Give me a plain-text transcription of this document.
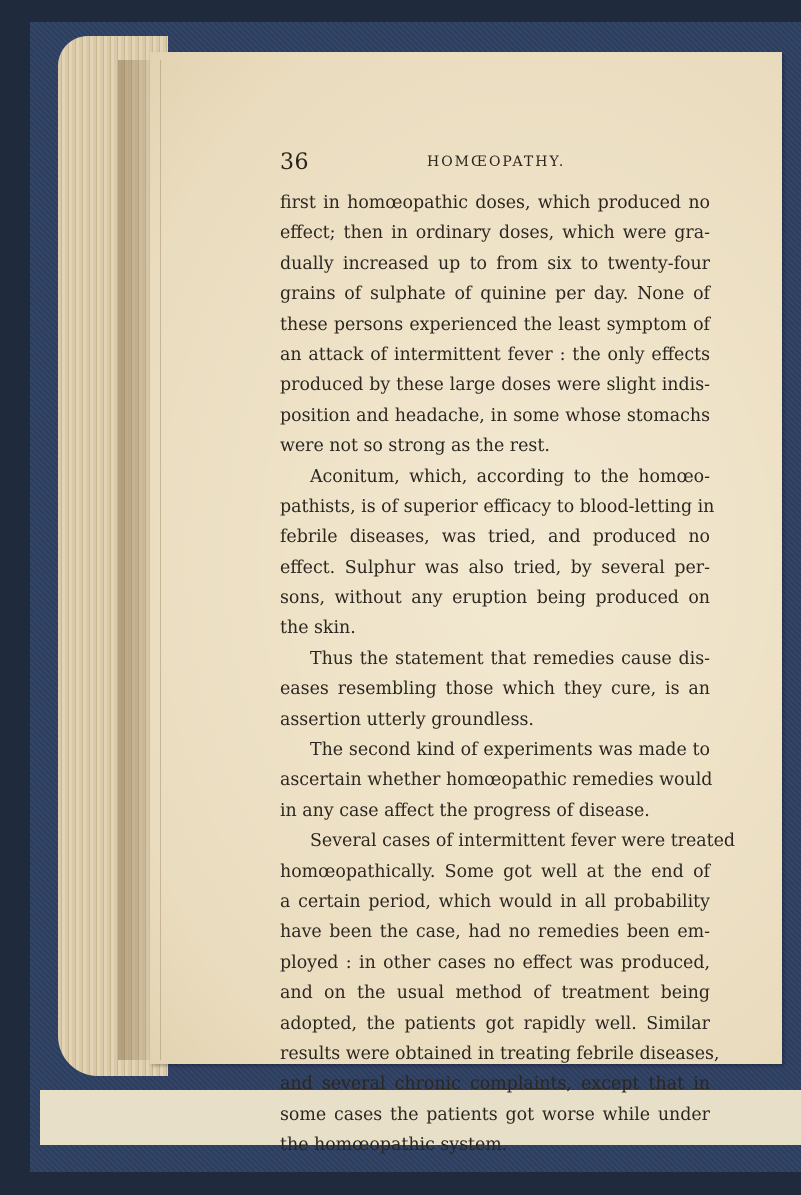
36	HOMŒOPATHY.
first in homœopathic doses, which produced no
effect; then in ordinary doses, which were gra-
dually increased up to from six to twenty-four
grains of sulphate of quinine per day. None of
these persons experienced the least symptom of
an attack of intermittent fever : the only effects
produced by these large doses were slight indis-
position and headache, in some whose stomachs
were not so strong as the rest.
Aconitum, which, according to the homœo-
pathists, is of superior efficacy to blood-letting in
febrile diseases, was tried, and produced no
effect. Sulphur was also tried, by several per-
sons, without any eruption being produced on
the skin.
Thus the statement that remedies cause dis-
eases resembling those which they cure, is an
assertion utterly groundless.
The second kind of experiments was made to
ascertain whether homœopathic remedies would
in any case affect the progress of disease.
Several cases of intermittent fever were treated
homœopathically. Some got well at the end of
a certain period, which would in all probability
have been the case, had no remedies been em-
ployed : in other cases no effect was produced,
and on the usual method of treatment being
adopted, the patients got rapidly well. Similar
results were obtained in treating febrile diseases,
and several chronic complaints, except that in
some cases the patients got worse while under
the homœopathic system.
